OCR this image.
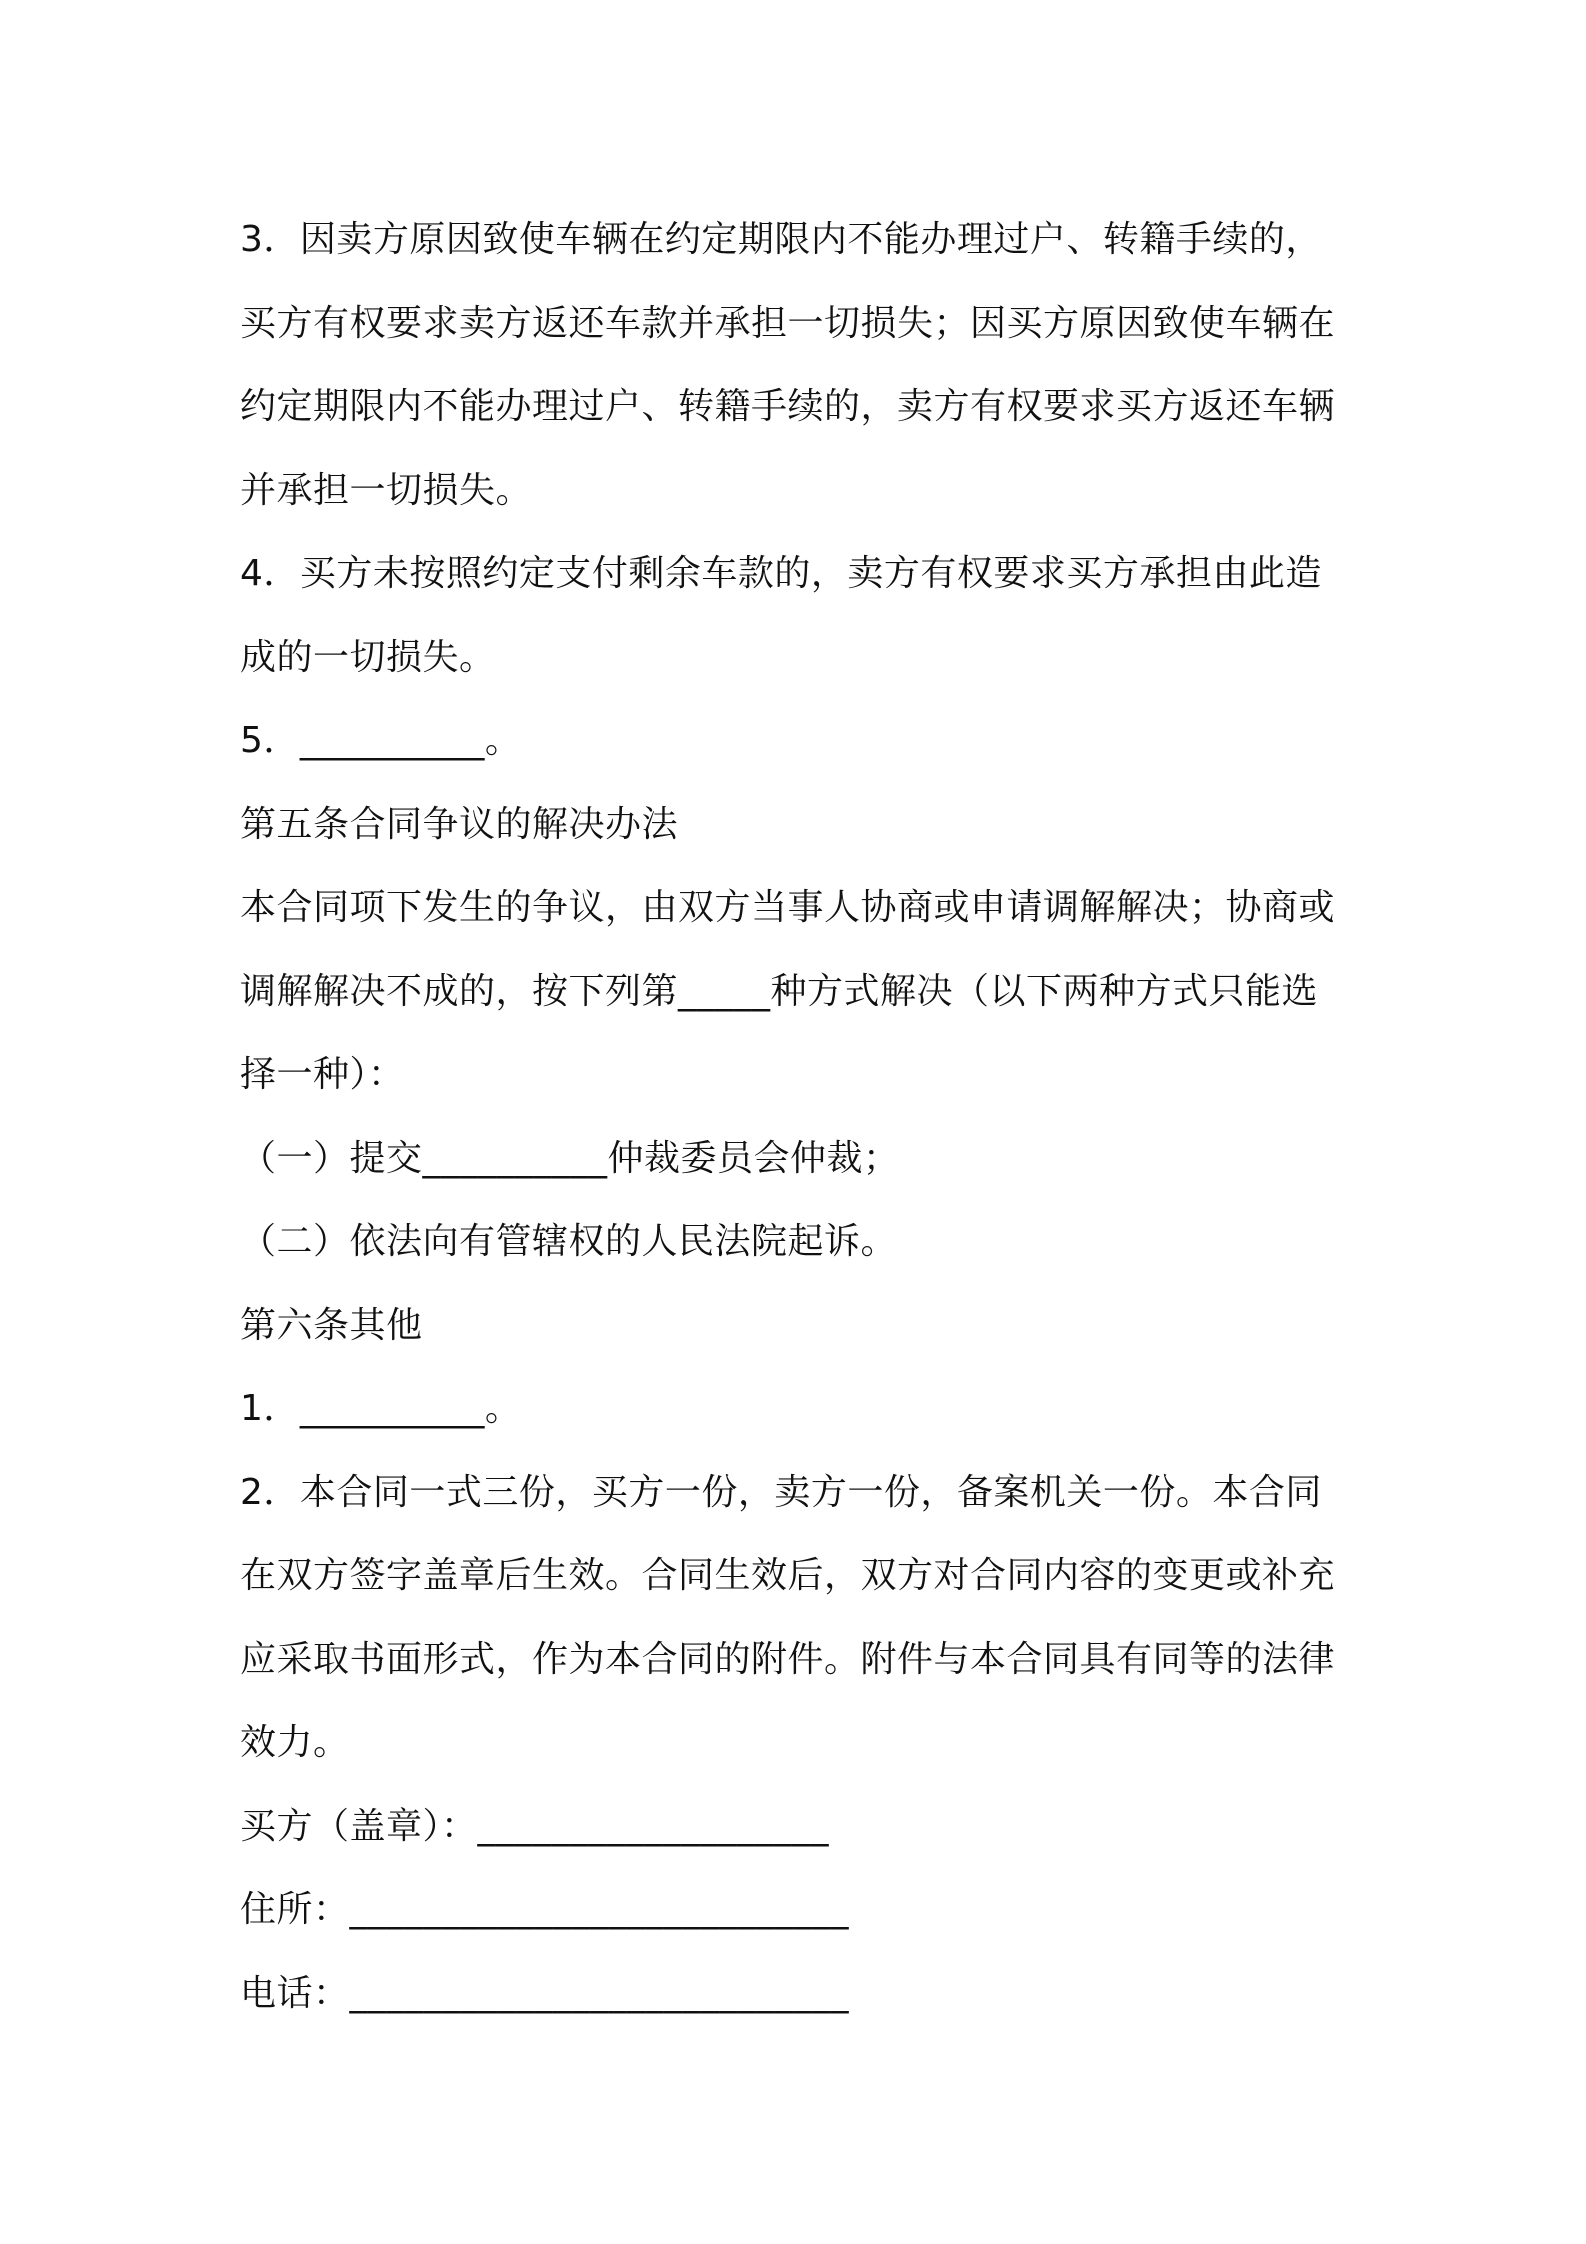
3．因卖方原因致使车辆在约定期限内不能办理过户、转籍手续的，
买方有权要求卖方返还车款并承担一切损失；因买方原因致使车辆在
约定期限内不能办理过户、转籍手续的，卖方有权要求买方返还车辆
并承担一切损失。
4．买方未按照约定支付剩余车款的，卖方有权要求买方承担由此造
成的一切损失。
5．__________。
第五条合同争议的解决办法
本合同项下发生的争议，由双方当事人协商或申请调解解决；协商或
调解解决不成的，按下列第_____种方式解决（以下两种方式只能选
择一种）：
（一）提交__________仲裁委员会仲裁；
（二）依法向有管辖权的人民法院起诉。
第六条其他
1．__________。
2．本合同一式三份，买方一份，卖方一份，备案机关一份。本合同
在双方签字盖章后生效。合同生效后，双方对合同内容的变更或补充
应采取书面形式，作为本合同的附件。附件与本合同具有同等的法律
效力。
买方（盖章）：___________________
住所：___________________________
电话：___________________________
